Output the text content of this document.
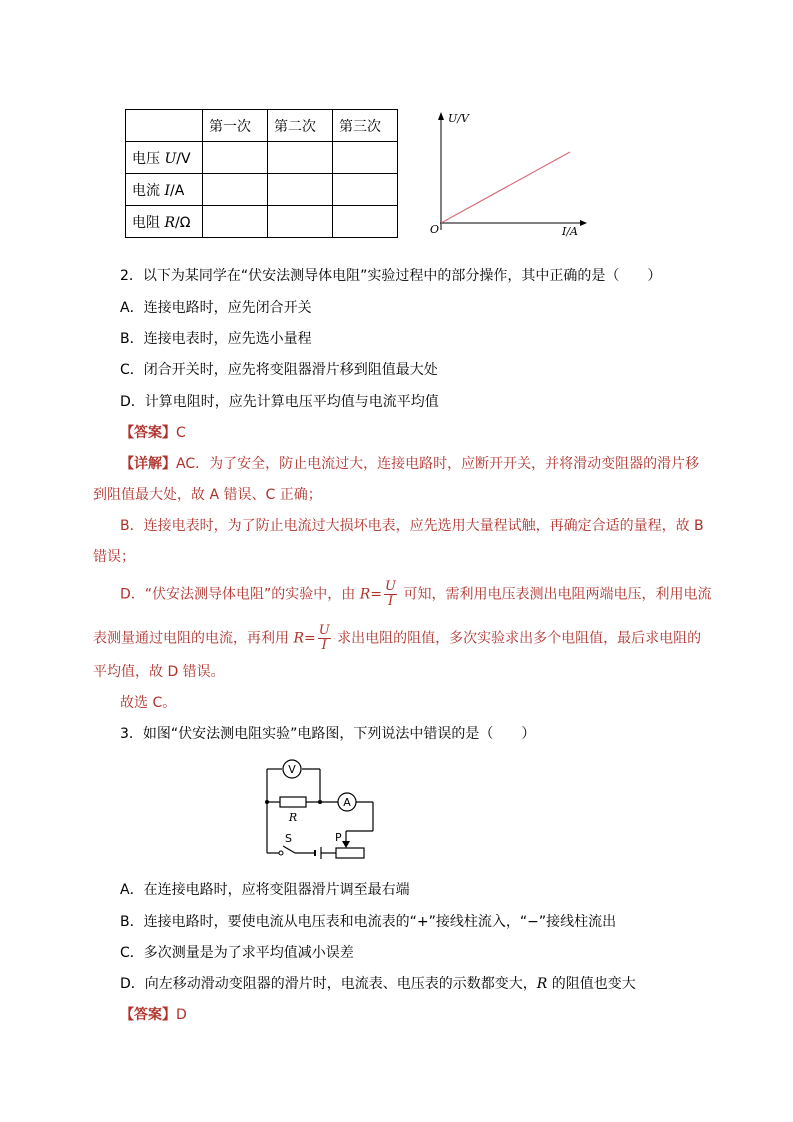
	第一次	第二次	第三次
电压 U/V			
电流 I/A			
电阻 R/Ω			
U/V
I/A
O
2．以下为某同学在“伏安法测导体电阻”实验过程中的部分操作，其中正确的是（　　）
A．连接电路时，应先闭合开关
B．连接电表时，应先选小量程
C．闭合开关时，应先将变阻器滑片移到阻值最大处
D．计算电阻时，应先计算电压平均值与电流平均值
【答案】C
【详解】AC．为了安全，防止电流过大，连接电路时，应断开开关，并将滑动变阻器的滑片移
到阻值最大处，故 A 错误、C 正确；
B．连接电表时，为了防止电流过大损坏电表，应先选用大量程试触，再确定合适的量程，故 B
错误；
D．“伏安法测导体电阻”的实验中，由 $R= \frac{U}{I}$ 可知，需利用电压表测出电阻两端电压，利用电流
表测量通过电阻的电流，再利用 $R= \frac{U}{I}$ 求出电阻的阻值，多次实验求出多个电阻值，最后求电阻的
平均值，故 D 错误。
故选 C。
3．如图“伏安法测电阻实验”电路图，下列说法中错误的是（　　）
V
R
A
P
S
A．在连接电路时，应将变阻器滑片调至最右端
B．连接电路时，要使电流从电压表和电流表的“+”接线柱流入，“−”接线柱流出
C．多次测量是为了求平均值减小误差
D．向左移动滑动变阻器的滑片时，电流表、电压表的示数都变大，R 的阻值也变大
【答案】D
